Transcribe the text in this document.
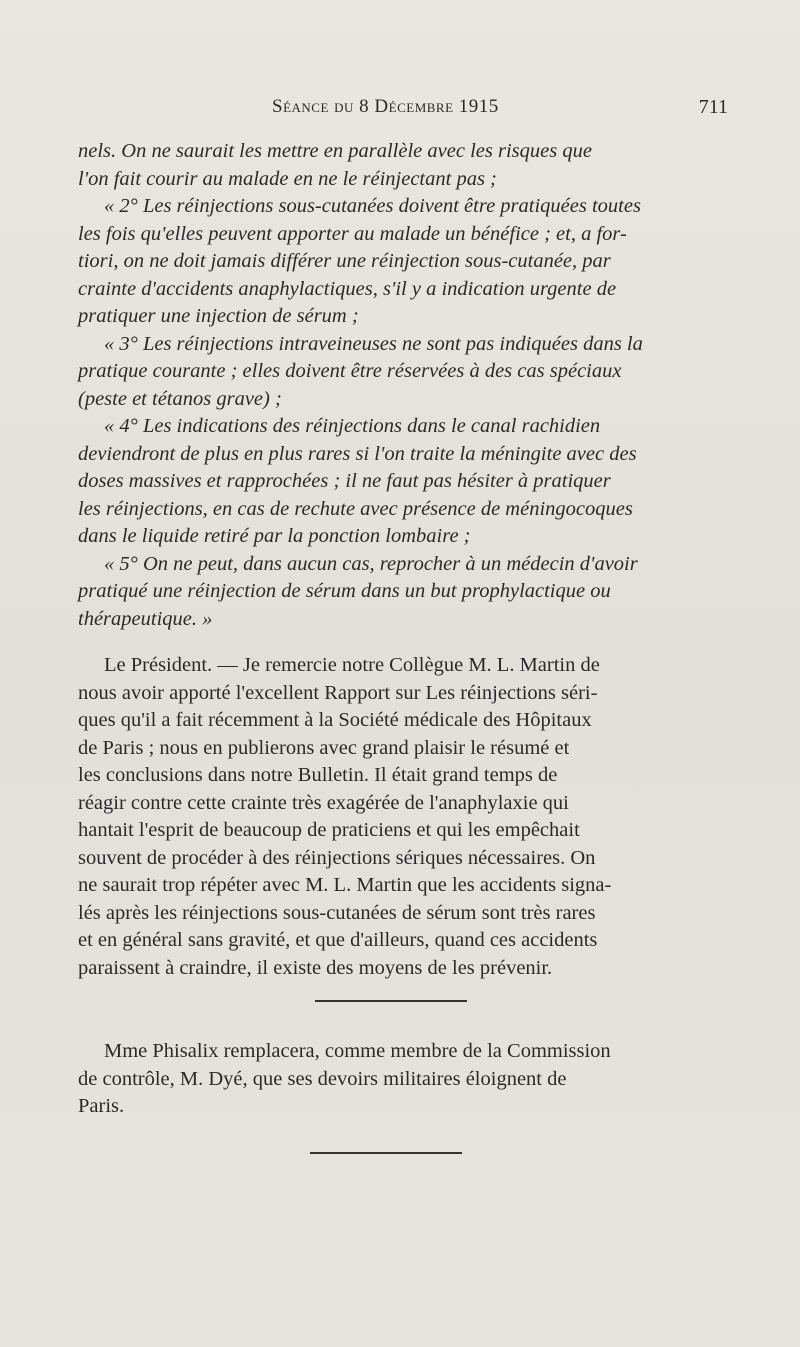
Séance du 8 Décembre 1915	711
nels. On ne saurait les mettre en parallèle avec les risques que
l'on fait courir au malade en ne le réinjectant pas ;
« 2° Les réinjections sous-cutanées doivent être pratiquées toutes
les fois qu'elles peuvent apporter au malade un bénéfice ; et, a for-
tiori, on ne doit jamais différer une réinjection sous-cutanée, par
crainte d'accidents anaphylactiques, s'il y a indication urgente de
pratiquer une injection de sérum ;
« 3° Les réinjections intraveineuses ne sont pas indiquées dans la
pratique courante ; elles doivent être réservées à des cas spéciaux
(peste et tétanos grave) ;
« 4° Les indications des réinjections dans le canal rachidien
deviendront de plus en plus rares si l'on traite la méningite avec des
doses massives et rapprochées ; il ne faut pas hésiter à pratiquer
les réinjections, en cas de rechute avec présence de méningocoques
dans le liquide retiré par la ponction lombaire ;
« 5° On ne peut, dans aucun cas, reprocher à un médecin d'avoir
pratiqué une réinjection de sérum dans un but prophylactique ou
thérapeutique. »
Le Président. — Je remercie notre Collègue M. L. Martin de
nous avoir apporté l'excellent Rapport sur Les réinjections séri-
ques qu'il a fait récemment à la Société médicale des Hôpitaux
de Paris ; nous en publierons avec grand plaisir le résumé et
les conclusions dans notre Bulletin. Il était grand temps de
réagir contre cette crainte très exagérée de l'anaphylaxie qui
hantait l'esprit de beaucoup de praticiens et qui les empêchait
souvent de procéder à des réinjections sériques nécessaires. On
ne saurait trop répéter avec M. L. Martin que les accidents signa-
lés après les réinjections sous-cutanées de sérum sont très rares
et en général sans gravité, et que d'ailleurs, quand ces accidents
paraissent à craindre, il existe des moyens de les prévenir.
Mme Phisalix remplacera, comme membre de la Commission
de contrôle, M. Dyé, que ses devoirs militaires éloignent de
Paris.
